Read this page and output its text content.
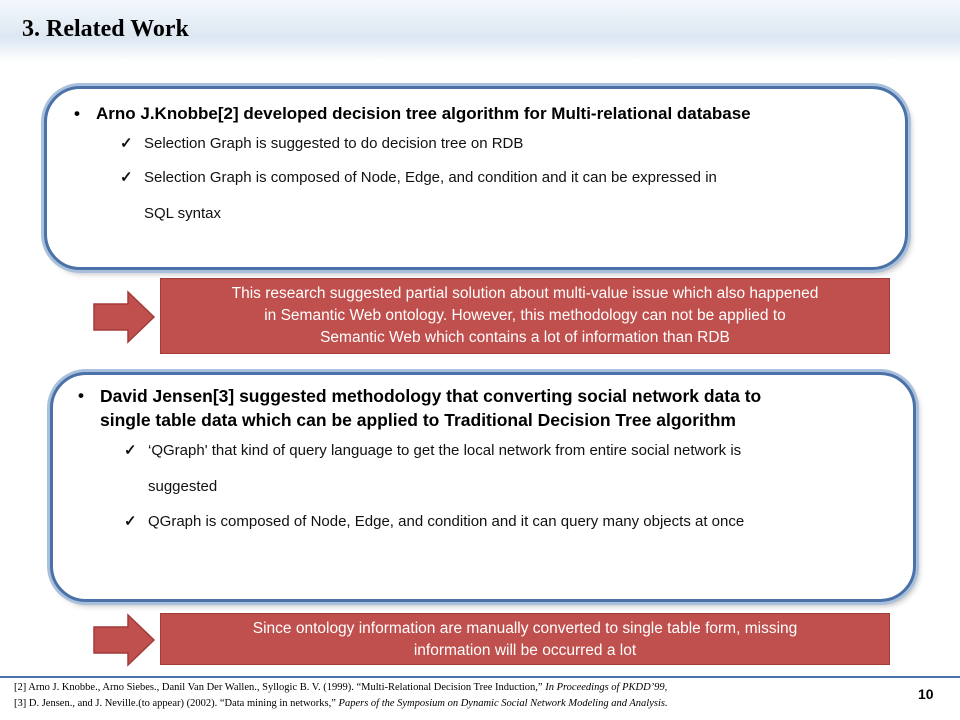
3. Related Work
• Arno J.Knobbe[2] developed decision tree algorithm for Multi-relational database
✓ Selection Graph is suggested to do decision tree on RDB
✓ Selection Graph is composed of Node, Edge, and condition and it can be expressed in
SQL syntax
This research suggested partial solution about multi-value issue which also happened
in Semantic Web ontology. However, this methodology can not be applied to
Semantic Web which contains a lot of information than RDB
• David Jensen[3] suggested methodology that converting social network data to
single table data which can be applied to Traditional Decision Tree algorithm
✓ ‘QGraph' that kind of query language to get the local network from entire social network is
suggested
✓ QGraph is composed of Node, Edge, and condition and it can query many objects at once
Since ontology information are manually converted to single table form, missing
information will be occurred a lot
[2] Arno J. Knobbe., Arno Siebes., Danil Van Der Wallen., Syllogic B. V. (1999). “Multi-Relational Decision Tree Induction,” In Proceedings of PKDD’99,
[3] D. Jensen., and J. Neville.(to appear) (2002). “Data mining in networks,” Papers of the Symposium on Dynamic Social Network Modeling and Analysis.
10
